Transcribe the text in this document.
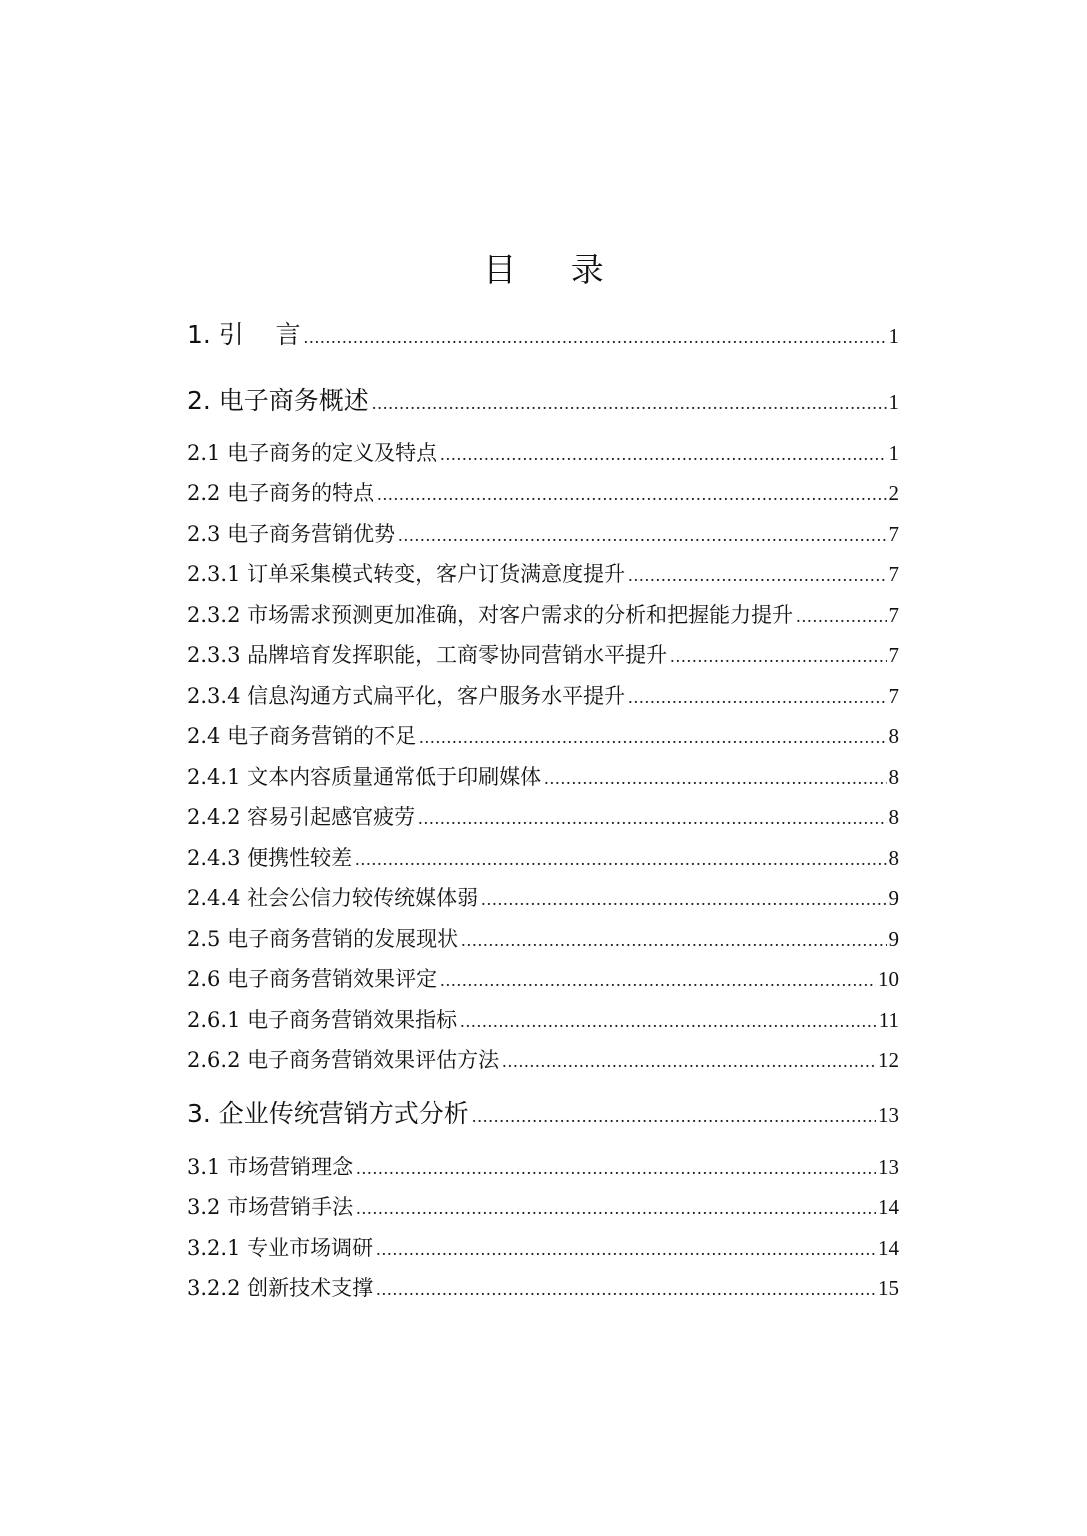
目 录
1. 引    言 .....	1
2. 电子商务概述 .....	1
2.1 电子商务的定义及特点 .....	1
2.2 电子商务的特点 .....	2
2.3 电子商务营销优势 .....	7
2.3.1 订单采集模式转变，客户订货满意度提升 .....	7
2.3.2 市场需求预测更加准确，对客户需求的分析和把握能力提升 .....	7
2.3.3 品牌培育发挥职能，工商零协同营销水平提升 .....	7
2.3.4 信息沟通方式扁平化，客户服务水平提升 .....	7
2.4 电子商务营销的不足 .....	8
2.4.1 文本内容质量通常低于印刷媒体 .....	8
2.4.2 容易引起感官疲劳 .....	8
2.4.3 便携性较差 .....	8
2.4.4 社会公信力较传统媒体弱 .....	9
2.5 电子商务营销的发展现状 .....	9
2.6 电子商务营销效果评定 .....	10
2.6.1 电子商务营销效果指标 .....	11
2.6.2 电子商务营销效果评估方法 .....	12
3. 企业传统营销方式分析 .....	13
3.1 市场营销理念 .....	13
3.2 市场营销手法 .....	14
3.2.1 专业市场调研 .....	14
3.2.2 创新技术支撑 .....	15
